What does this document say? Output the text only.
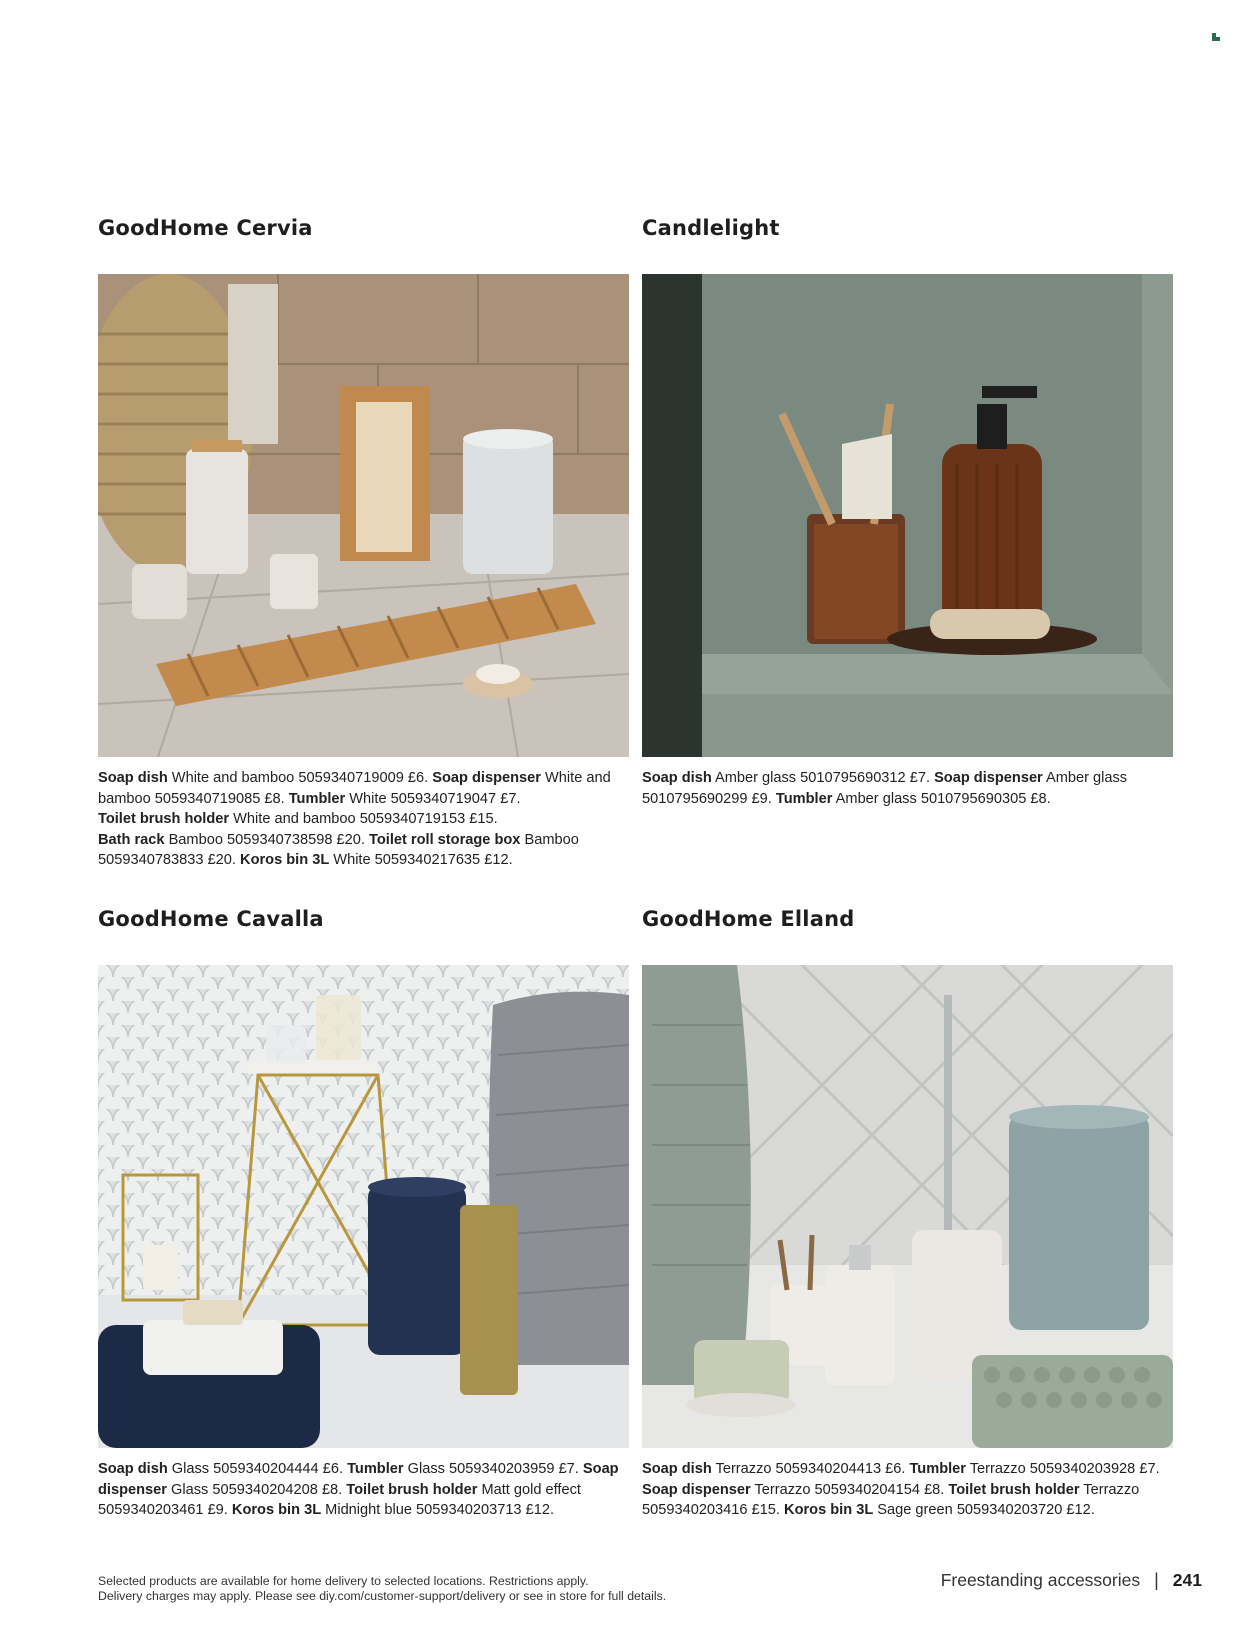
GoodHome Cervia
Soap dish White and bamboo 5059340719009 £6. Soap dispenser White and bamboo 5059340719085 £8. Tumbler White 5059340719047 £7.
Toilet brush holder White and bamboo 5059340719153 £15.
Bath rack Bamboo 5059340738598 £20. Toilet roll storage box Bamboo 5059340783833 £20. Koros bin 3L White 5059340217635 £12.
Candlelight
Soap dish Amber glass 5010795690312 £7. Soap dispenser Amber glass 5010795690299 £9. Tumbler Amber glass 5010795690305 £8.
GoodHome Cavalla
Soap dish Glass 5059340204444 £6. Tumbler Glass 5059340203959 £7. Soap dispenser Glass 5059340204208 £8. Toilet brush holder Matt gold effect 5059340203461 £9. Koros bin 3L Midnight blue 5059340203713 £12.
GoodHome Elland
Soap dish Terrazzo 5059340204413 £6. Tumbler Terrazzo 5059340203928 £7. Soap dispenser Terrazzo 5059340204154 £8. Toilet brush holder Terrazzo 5059340203416 £15. Koros bin 3L Sage green 5059340203720 £12.
Selected products are available for home delivery to selected locations. Restrictions apply.
Delivery charges may apply. Please see diy.com/customer-support/delivery or see in store for full details.
Freestanding accessories | 241
